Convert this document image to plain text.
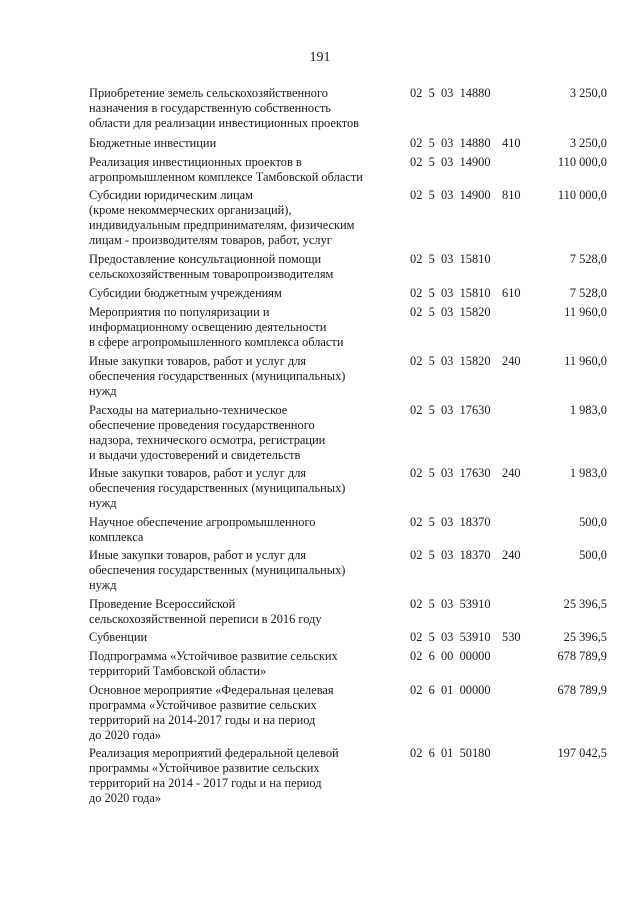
191
Приобретение земель сельскохозяйственного
назначения в государственную собственность
области для реализации инвестиционных проектов
02  5  03  14880	3 250,0
Бюджетные инвестиции	02  5  03  14880 410	3 250,0
Реализация инвестиционных проектов в
агропромышленном комплексе Тамбовской области
02  5  03  14900	110 000,0
Субсидии юридическим лицам
(кроме некоммерческих организаций),
индивидуальным предпринимателям, физическим
лицам - производителям товаров, работ, услуг
02  5  03  14900 810	110 000,0
Предоставление консультационной помощи
сельскохозяйственным товаропроизводителям
02  5  03  15810	7 528,0
Субсидии бюджетным учреждениям	02  5  03  15810 610	7 528,0
Мероприятия по популяризации и
информационному освещению деятельности
в сфере агропромышленного комплекса области
02  5  03  15820	11 960,0
Иные закупки товаров, работ и услуг для
обеспечения государственных (муниципальных)
нужд
02  5  03  15820 240	11 960,0
Расходы на материально-техническое
обеспечение проведения государственного
надзора, технического осмотра, регистрации
и выдачи удостоверений и свидетельств
02  5  03  17630	1 983,0
Иные закупки товаров, работ и услуг для
обеспечения государственных (муниципальных)
нужд
02  5  03  17630 240	1 983,0
Научное обеспечение агропромышленного
комплекса
02  5  03  18370	500,0
Иные закупки товаров, работ и услуг для
обеспечения государственных (муниципальных)
нужд
02  5  03  18370 240	500,0
Проведение Всероссийской
сельскохозяйственной переписи в 2016 году
02  5  03  53910	25 396,5
Субвенции	02  5  03  53910 530	25 396,5
Подпрограмма «Устойчивое развитие сельских
территорий Тамбовской области»
02  6  00  00000	678 789,9
Основное мероприятие «Федеральная целевая
программа «Устойчивое развитие сельских
территорий на 2014-2017 годы и на период
до 2020 года»
02  6  01  00000	678 789,9
Реализация мероприятий федеральной целевой
программы «Устойчивое развитие сельских
территорий на 2014 - 2017 годы и на период
до 2020 года»
02  6  01  50180	197 042,5
